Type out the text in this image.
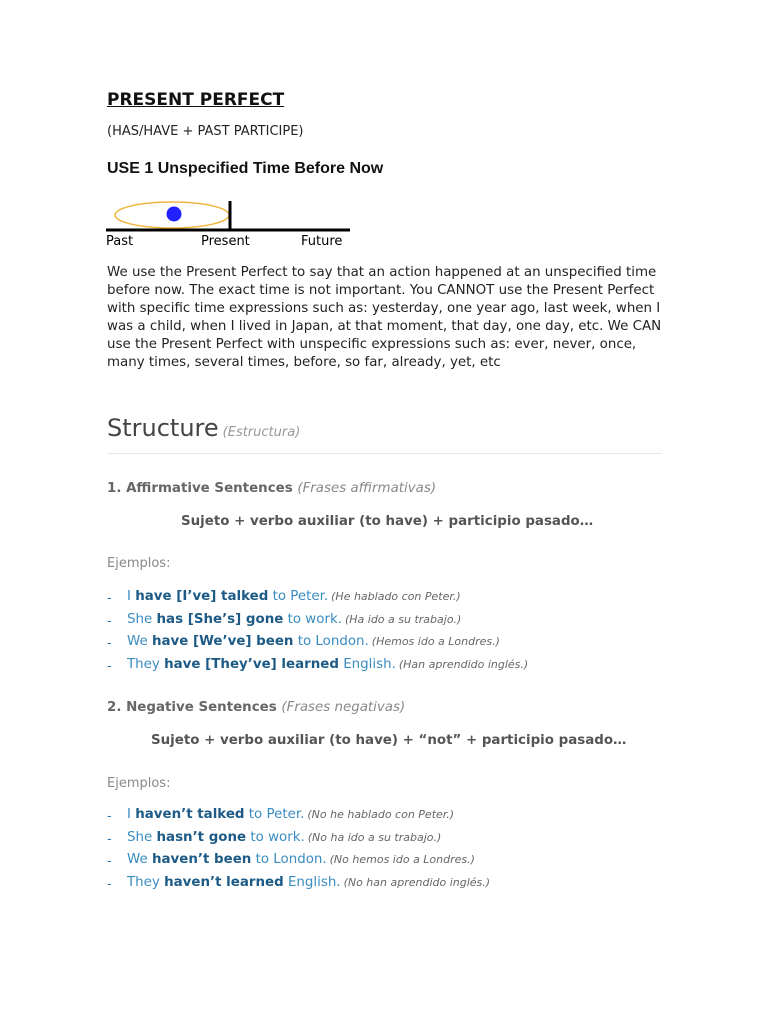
PRESENT PERFECT
(HAS/HAVE + PAST PARTICIPE)
USE 1 Unspecified Time Before Now
Past	Present	Future
We use the Present Perfect to say that an action happened at an unspecified time before now. The exact time is not important. You CANNOT use the Present Perfect with specific time expressions such as: yesterday, one year ago, last week, when I was a child, when I lived in Japan, at that moment, that day, one day, etc. We CAN use the Present Perfect with unspecific expressions such as: ever, never, once, many times, several times, before, so far, already, yet, etc
Structure (Estructura)
1. Affirmative Sentences (Frases affirmativas)
Sujeto + verbo auxiliar (to have) + participio pasado…
Ejemplos:
- I have [I’ve] talked to Peter. (He hablado con Peter.)
- She has [She’s] gone to work. (Ha ido a su trabajo.)
- We have [We’ve] been to London. (Hemos ido a Londres.)
- They have [They’ve] learned English. (Han aprendido inglés.)
2. Negative Sentences (Frases negativas)
Sujeto + verbo auxiliar (to have) + “not” + participio pasado…
Ejemplos:
- I haven’t talked to Peter. (No he hablado con Peter.)
- She hasn’t gone to work. (No ha ido a su trabajo.)
- We haven’t been to London. (No hemos ido a Londres.)
- They haven’t learned English. (No han aprendido inglés.)
